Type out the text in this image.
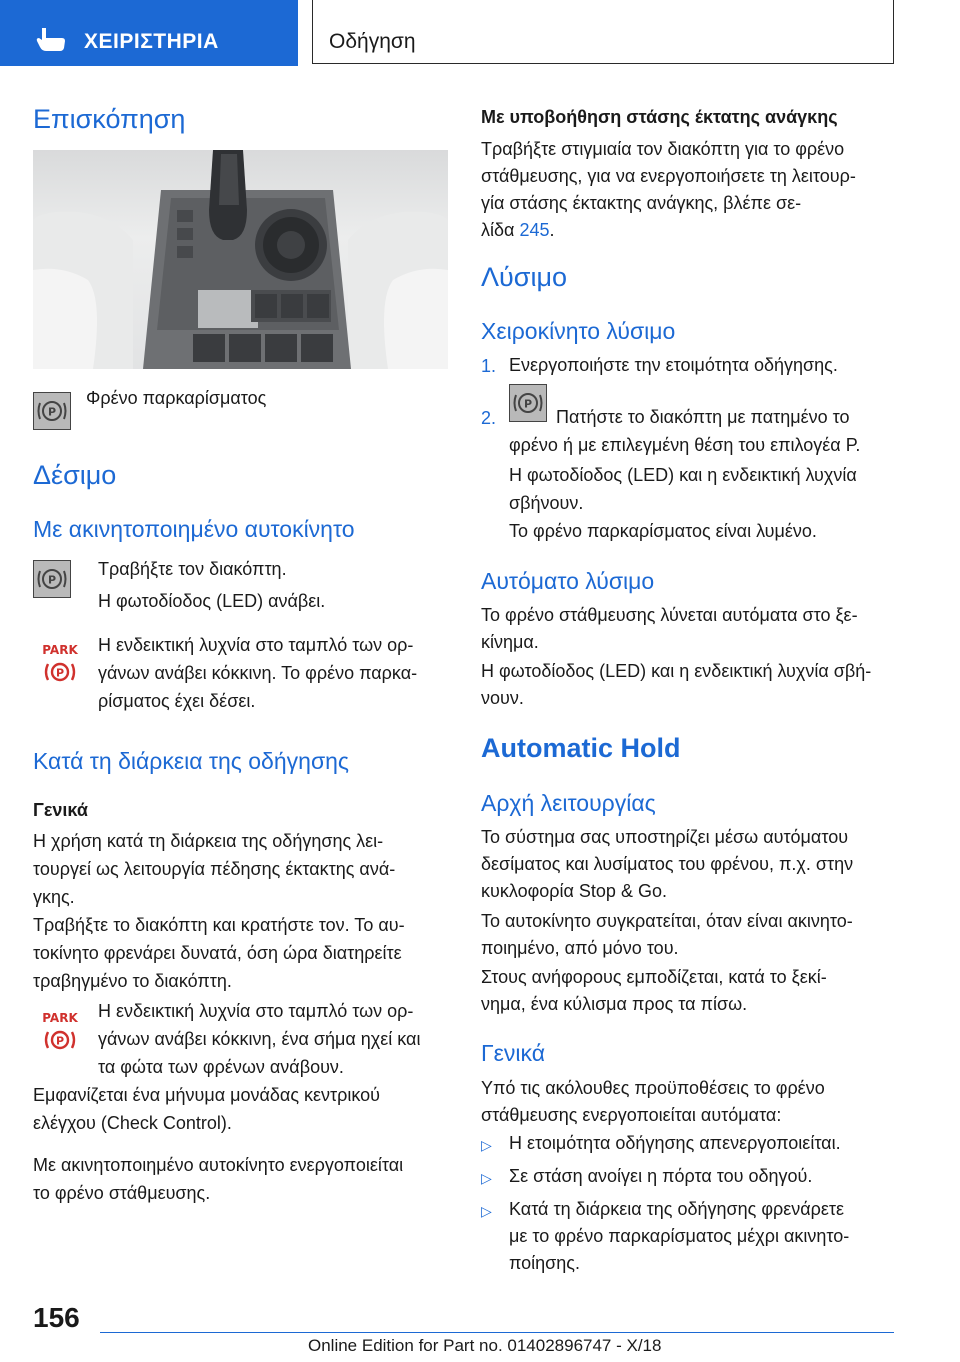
ΧΕΙΡΙΣΤΗΡΙΑ	Οδήγηση
Επισκόπηση
P
Φρένο παρκαρίσματος
Δέσιμο
Με ακινητοποιημένο αυτοκίνητο
P
Τραβήξτε τον διακόπτη.
Η φωτοδίοδος (LED) ανάβει.
PARK
P
Η ενδεικτική λυχνία στο ταμπλό των ορ-
γάνων ανάβει κόκκινη. Το φρένο παρκα-
ρίσματος έχει δέσει.
Κατά τη διάρκεια της οδήγησης
Γενικά
Η χρήση κατά τη διάρκεια της οδήγησης λει-
τουργεί ως λειτουργία πέδησης έκτακτης ανά-
γκης.
Τραβήξτε το διακόπτη και κρατήστε τον. Το αυ-
τοκίνητο φρενάρει δυνατά, όση ώρα διατηρείτε
τραβηγμένο το διακόπτη.
PARK
P
Η ενδεικτική λυχνία στο ταμπλό των ορ-
γάνων ανάβει κόκκινη, ένα σήμα ηχεί και
τα φώτα των φρένων ανάβουν.
Εμφανίζεται ένα μήνυμα μονάδας κεντρικού
ελέγχου (Check Control).
Με ακινητοποιημένο αυτοκίνητο ενεργοποιείται
το φρένο στάθμευσης.
Με υποβοήθηση στάσης έκτατης ανάγκης
Τραβήξτε στιγμιαία τον διακόπτη για το φρένο
στάθμευσης, για να ενεργοποιήσετε τη λειτουρ-
γία στάσης έκτακτης ανάγκης, βλέπε σε-
λίδα 245.
Λύσιμο
Χειροκίνητο λύσιμο
1. Ενεργοποιήστε την ετοιμότητα οδήγησης.
2.
P
Πατήστε το διακόπτη με πατημένο το
φρένο ή με επιλεγμένη θέση του επιλογέα P.
Η φωτοδίοδος (LED) και η ενδεικτική λυχνία
σβήνουν.
Το φρένο παρκαρίσματος είναι λυμένο.
Αυτόματο λύσιμο
Το φρένο στάθμευσης λύνεται αυτόματα στο ξε-
κίνημα.
Η φωτοδίοδος (LED) και η ενδεικτική λυχνία σβή-
νουν.
Automatic Hold
Αρχή λειτουργίας
Το σύστημα σας υποστηρίζει μέσω αυτόματου
δεσίματος και λυσίματος του φρένου, π.χ. στην
κυκλοφορία Stop & Go.
Το αυτοκίνητο συγκρατείται, όταν είναι ακινητο-
ποιημένο, από μόνο του.
Στους ανήφορους εμποδίζεται, κατά το ξεκί-
νημα, ένα κύλισμα προς τα πίσω.
Γενικά
Υπό τις ακόλουθες προϋποθέσεις το φρένο
στάθμευσης ενεργοποιείται αυτόματα:
▷ Η ετοιμότητα οδήγησης απενεργοποιείται.
▷ Σε στάση ανοίγει η πόρτα του οδηγού.
▷ Κατά τη διάρκεια της οδήγησης φρενάρετε
με το φρένο παρκαρίσματος μέχρι ακινητο-
ποίησης.
156
Online Edition for Part no. 01402896747 - X/18
